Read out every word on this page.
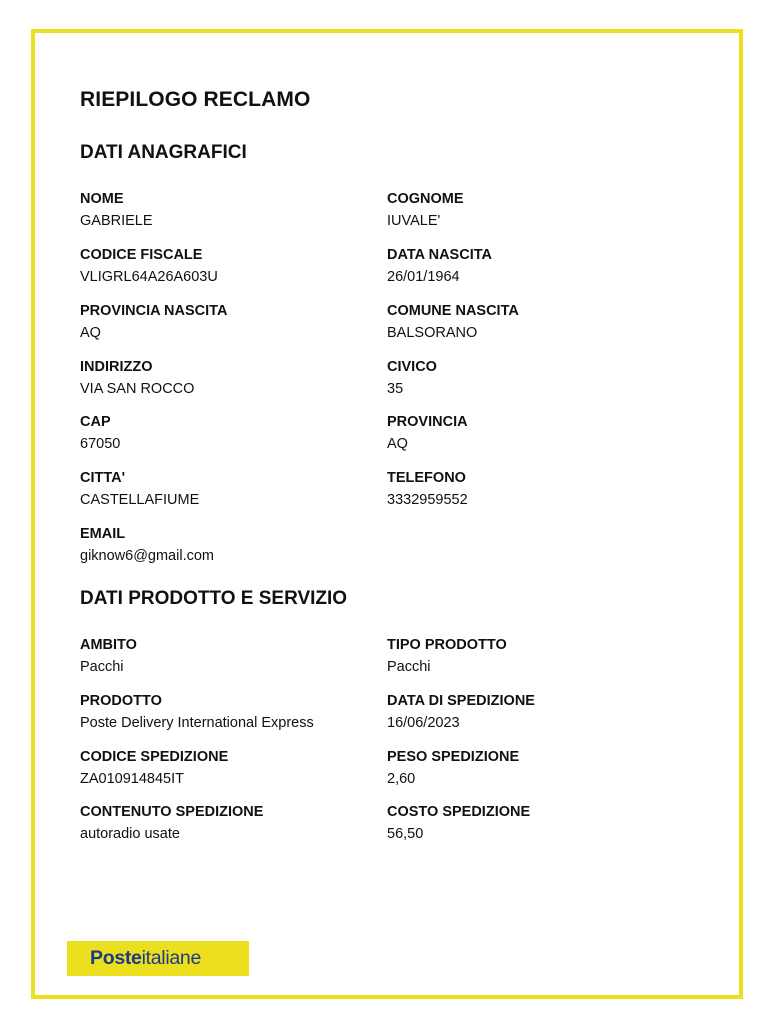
RIEPILOGO RECLAMO
DATI ANAGRAFICI
NOME
GABRIELE
COGNOME
IUVALE'
CODICE FISCALE
VLIGRL64A26A603U
DATA NASCITA
26/01/1964
PROVINCIA NASCITA
AQ
COMUNE NASCITA
BALSORANO
INDIRIZZO
VIA SAN ROCCO
CIVICO
35
CAP
67050
PROVINCIA
AQ
CITTA'
CASTELLAFIUME
TELEFONO
3332959552
EMAIL
giknow6@gmail.com
DATI PRODOTTO E SERVIZIO
AMBITO
Pacchi
TIPO PRODOTTO
Pacchi
PRODOTTO
Poste Delivery International Express
DATA DI SPEDIZIONE
16/06/2023
CODICE SPEDIZIONE
ZA010914845IT
PESO SPEDIZIONE
2,60
CONTENUTO SPEDIZIONE
autoradio usate
COSTO SPEDIZIONE
56,50
Poste italiane
